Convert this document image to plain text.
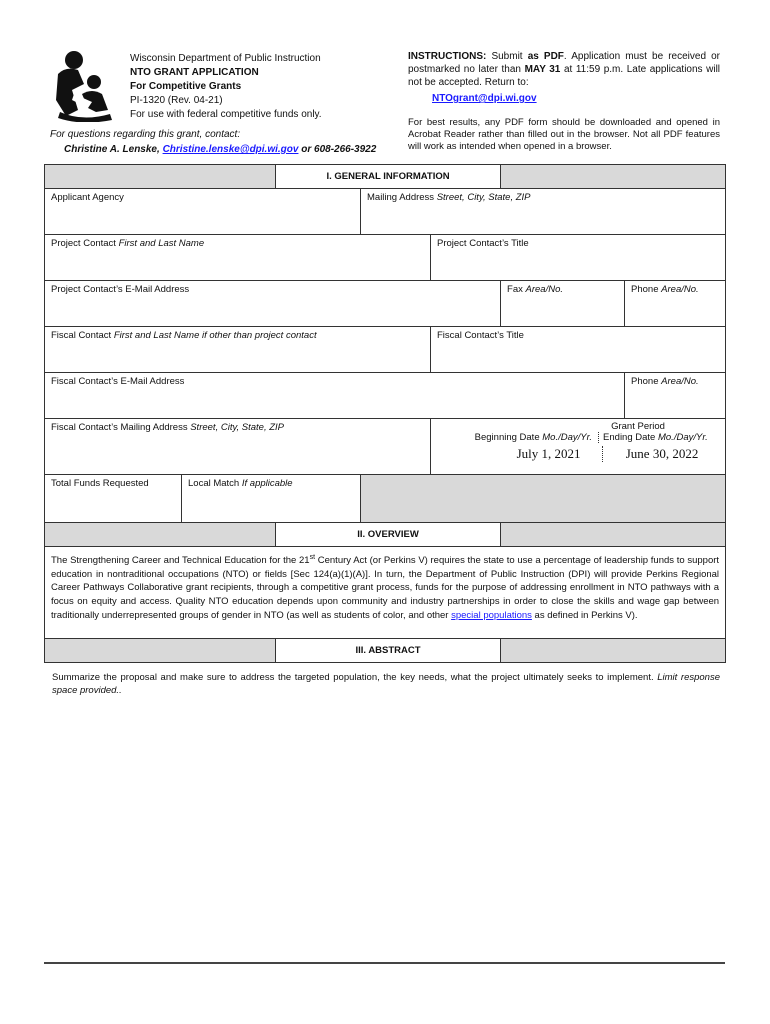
Wisconsin Department of Public Instruction
NTO GRANT APPLICATION
For Competitive Grants
PI-1320 (Rev. 04-21)
For use with federal competitive funds only.
For questions regarding this grant, contact:
Christine A. Lenske, Christine.lenske@dpi.wi.gov or 608-266-3922
INSTRUCTIONS: Submit as PDF. Application must be received or postmarked no later than MAY 31 at 11:59 p.m. Late applications will not be accepted. Return to:
NTOgrant@dpi.wi.gov
For best results, any PDF form should be downloaded and opened in Acrobat Reader rather than filled out in the browser. Not all PDF features will work as intended when opened in a browser.
		I. GENERAL INFORMATION				
Applicant Agency			Mailing Address Street, City, State, ZIP			
Project Contact First and Last Name				Project Contact’s Title		
Project Contact’s E-Mail Address					Fax Area/No.	Phone Area/No.
Fiscal Contact First and Last Name if other than project contact				Fiscal Contact’s Title		
Fiscal Contact’s E-Mail Address						Phone Area/No.
Fiscal Contact’s Mailing Address Street, City, State, ZIP				Grant Period
Beginning Date Mo./Day/Yr. Ending Date Mo./Day/Yr.
July 1, 2021 June 30, 2022		

Total Funds Requested	Local Match If applicable					
		II. OVERVIEW				
The Strengthening Career and Technical Education for the 21st Century Act (or Perkins V) requires the state to use a percentage of leadership funds to support education in nontraditional occupations (NTO) or fields [Sec 124(a)(1)(A)]. In turn, the Department of Public Instruction (DPI) will provide Perkins Regional Career Pathways Collaborative grant recipients, through a competitive grant process, funds for the purpose of addressing enrollment in NTO pathways with a focus on equity and access. Quality NTO education depends upon community and industry partnerships in order to close the skills and wage gap between traditionally underrepresented groups of gender in NTO (as well as students of color, and other special populations as defined in Perkins V).						
		III. ABSTRACT				
Summarize the proposal and make sure to address the targeted population, the key needs, what the project ultimately seeks to implement. Limit response space provided..
